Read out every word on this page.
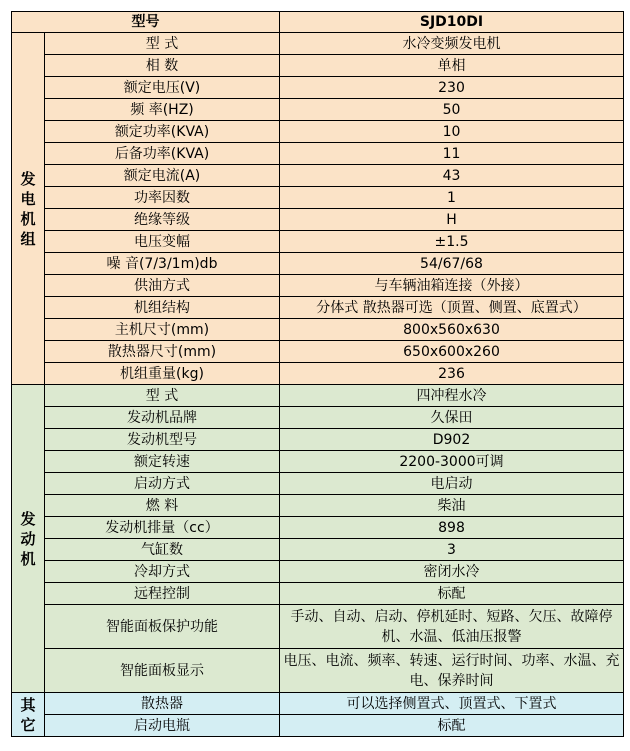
型号		SJD10DI

发
电
机
组	型 式	水冷变频发电机
	相 数	单相
	额定电压(V)	230
	频 率(HZ)	50
	额定功率(KVA)	10
	后备功率(KVA)	11
	额定电流(A)	43
	功率因数	1
	绝缘等级	H
	电压变幅	±1.5
	噪 音(7/3/1m)db	54/67/68
	供油方式	与车辆油箱连接（外接）
	机组结构	分体式 散热器可选（顶置、侧置、底置式）
	主机尺寸(mm)	800x560x630
	散热器尺寸(mm)	650x600x260
	机组重量(kg)	236

发
动
机	型 式	四冲程水冷
	发动机品牌	久保田
	发动机型号	D902
	额定转速	2200-3000可调
	启动方式	电启动
	燃 料	柴油
	发动机排量（cc）	898
	气缸数	3
	冷却方式	密闭水冷
	远程控制	标配
	智能面板保护功能	手动、自动、启动、停机延时、短路、欠压、故障停机、水温、低油压报警
	智能面板显示	电压、电流、频率、转速、运行时间、功率、水温、充电、保养时间

其
它	散热器	可以选择侧置式、顶置式、下置式
	启动电瓶	标配
